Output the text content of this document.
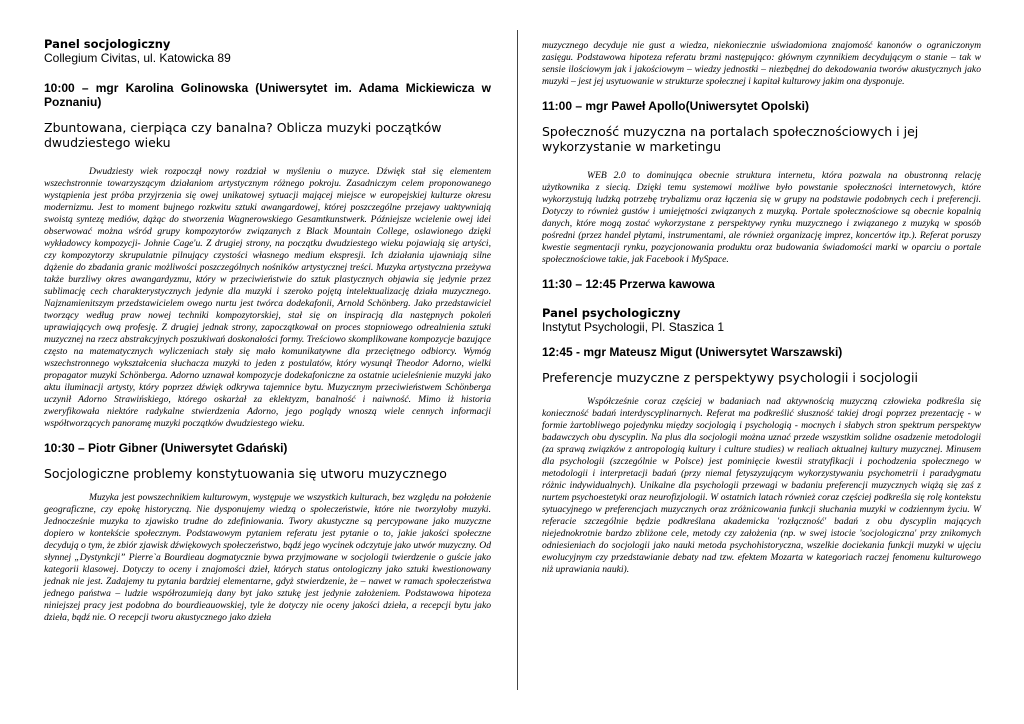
Panel socjologiczny
Collegium Civitas, ul. Katowicka 89
10:00 – mgr Karolina Golinowska (Uniwersytet im. Adama Mickiewicza w Poznaniu)
Zbuntowana, cierpiąca czy banalna? Oblicza muzyki początków dwudziestego wieku

Dwudziesty wiek rozpoczął nowy rozdział w myśleniu o muzyce. Dźwięk stał się elementem wszechstronnie towarzyszącym działaniom artystycznym różnego pokroju. Zasadniczym celem proponowanego wystąpienia jest próba przyjrzenia się owej unikatowej sytuacji mającej miejsce w europejskiej kulturze okresu modernizmu. Jest to moment bujnego rozkwitu sztuki awangardowej, której poszczególne przejawy uaktywniają swoistą syntezę mediów, dążąc do stworzenia Wagnerowskiego Gesamtkunstwerk. Późniejsze wcielenie owej idei obserwować można wśród grupy kompozytorów związanych z Black Mountain College, oslawionego dzięki wykładowcy kompozycji- Johnie Cage'u. Z drugiej strony, na początku dwudziestego wieku pojawiają się artyści, czy kompozytorzy skrupulatnie pilnujący czystości własnego medium ekspresji. Ich działania ujawniają silne dążenie do zbadania granic możliwości poszczególnych nośników artystycznej treści. Muzyka artystyczna przeżywa także burzliwy okres awangardyzmu, który w przeciwieństwie do sztuk plastycznych objawia się jedynie przez sublimację cech charakterystycznych jedynie dla muzyki i szeroko pojętą intelektualizację działa muzycznego. Najznamienitszym przedstawicielem owego nurtu jest twórca dodekafonii, Arnold Schönberg. Jako przedstawiciel tworzący według praw nowej techniki kompozytorskiej, stał się on inspiracją dla następnych pokoleń uprawiających ową profesję. Z drugiej jednak strony, zapoczątkował on proces stopniowego odrealnienia sztuki muzycznej na rzecz abstrakcyjnych poszukiwań doskonałości formy. Treściowo skomplikowane kompozycje bazujące często na matematycznych wyliczeniach stały się mało komunikatywne dla przeciętnego odbiorcy. Wymóg wszechstronnego wykształcenia słuchacza muzyki to jeden z postulatów, który wysunął Theodor Adorno, wielki propagator muzyki Schönberga. Adorno uznawał kompozycje dodekafoniczne za ostatnie ucieleśnienie muzyki jako aktu iluminacji artysty, który poprzez dźwięk odkrywa tajemnice bytu. Muzycznym przeciwieństwem Schönberga uczynił Adorno Strawińskiego, którego oskarżał za eklektyzm, banalność i naiwność. Mimo iż historia zweryfikowała niektóre radykalne stwierdzenia Adorno, jego poglądy wnoszą wiele cennych informacji współtworzących panoramę muzyki początków dwudziestego wieku.

10:30 – Piotr Gibner (Uniwersytet Gdański)
Socjologiczne problemy konstytuowania się utworu muzycznego

Muzyka jest powszechnikiem kulturowym, występuje we wszystkich kulturach, bez względu na położenie geograficzne, czy epokę historyczną. Nie dysponujemy wiedzą o społeczeństwie, które nie tworzyłoby muzyki. Jednocześnie muzyka to zjawisko trudne do zdefiniowania. Twory akustyczne są percypowane jako muzyczne dopiero w kontekście społecznym. Podstawowym pytaniem referatu jest pytanie o to, jakie jakości społeczne decydują o tym, że zbiór zjawisk dźwiękowych społeczeństwo, bądź jego wycinek odczytuje jako utwór muzyczny. Od słynnej „Dystynkcji” Pierre`a Bourdieau dogmatycznie bywa przyjmowane w socjologii twierdzenie o guście jako kategorii klasowej. Dotyczy to oceny i znajomości dzieł, których status ontologiczny jako sztuki kwestionowany jednak nie jest. Zadajemy tu pytania bardziej elementarne, gdyż stwierdzenie, że – nawet w ramach społeczeństwa jednego państwa – ludzie współrozumieją dany byt jako sztukę jest jedynie założeniem. Podstawowa hipoteza niniejszej pracy jest podobna do bourdieauowskiej, tyle że dotyczy nie oceny jakości dzieła, a recepcji bytu jako dzieła, bądź nie. O recepcji tworu akustycznego jako dzieła

muzycznego decyduje nie gust a wiedza, niekoniecznie uświadomiona znajomość kanonów o ograniczonym zasięgu. Podstawowa hipoteza referatu brzmi następująco: głównym czynnikiem decydującym o stanie – tak w sensie ilościowym jak i jakościowym – wiedzy jednostki – niezbędnej do dekodowania tworów akustycznych jako muzyki – jest jej usytuowanie w strukturze społecznej i kapitał kulturowy jakim ona dysponuje.

11:00 – mgr Paweł Apollo(Uniwersytet Opolski)
Społeczność muzyczna na portalach społecznościowych i jej wykorzystanie w marketingu

WEB 2.0 to dominująca obecnie struktura internetu, która pozwala na obustronną relację użytkownika z siecią. Dzięki temu systemowi możliwe było powstanie społeczności internetowych, które wykorzystują ludzką potrzebę trybalizmu oraz łączenia się w grupy na podstawie podobnych cech i preferencji. Dotyczy to również gustów i umiejętności związanych z muzyką. Portale społecznościowe są obecnie kopalnią danych, które mogą zostać wykorzystane z perspektywy rynku muzycznego i związanego z muzyką w sposób pośredni (przez handel płytami, instrumentami, ale również organizację imprez, koncertów itp.). Referat poruszy kwestie segmentacji rynku, pozycjonowania produktu oraz budowania świadomości marki w oparciu o portale społecznościowe takie, jak Facebook i MySpace.

11:30 – 12:45 Przerwa kawowa
Panel psychologiczny
Instytut Psychologii, Pl. Staszica 1
12:45 - mgr Mateusz Migut (Uniwersytet Warszawski)
Preferencje muzyczne z perspektywy psychologii i socjologii

Współcześnie coraz częściej w badaniach nad aktywnością muzyczną człowieka podkreśla się konieczność badań interdyscyplinarnych. Referat ma podkreślić słuszność takiej drogi poprzez prezentację - w formie żartobliwego pojedynku między socjologią i psychologią - mocnych i słabych stron spektrum perspektyw badawczych obu dyscyplin. Na plus dla socjologii można uznać przede wszystkim solidne osadzenie metodologii (za sprawą związków z antropologią kultury i culture studies) w realiach aktualnej kultury muzycznej. Minusem dla psychologii (szczególnie w Polsce) jest pominięcie kwestii stratyfikacji i pochodzenia społecznego w metodologii i interpretacji badań (przy niemal fetyszyzującym wykorzystywaniu psychometrii i paradygmatu różnic indywidualnych). Unikalne dla psychologii przewagi w badaniu preferencji muzycznych wiążą się zaś z nurtem psychoestetyki oraz neurofizjologii. W ostatnich latach również coraz częściej podkreśla się rolę kontekstu sytuacyjnego w preferencjach muzycznych oraz zróżnicowania funkcji słuchania muzyki w codziennym życiu. W referacie szczególnie będzie podkreślana akademicka 'rozłączność' badań z obu dyscyplin mających niejednokrotnie bardzo zbliżone cele, metody czy założenia (np. w swej istocie 'socjologiczna' przy znikomych odniesieniach do socjologii jako nauki metoda psychohistoryczna, wszelkie dociekania funkcji muzyki w ujęciu ewolucyjnym czy przedstawianie debaty nad tzw. efektem Mozarta w kategoriach raczej fenomenu kulturowego niż uprawiania nauki).
